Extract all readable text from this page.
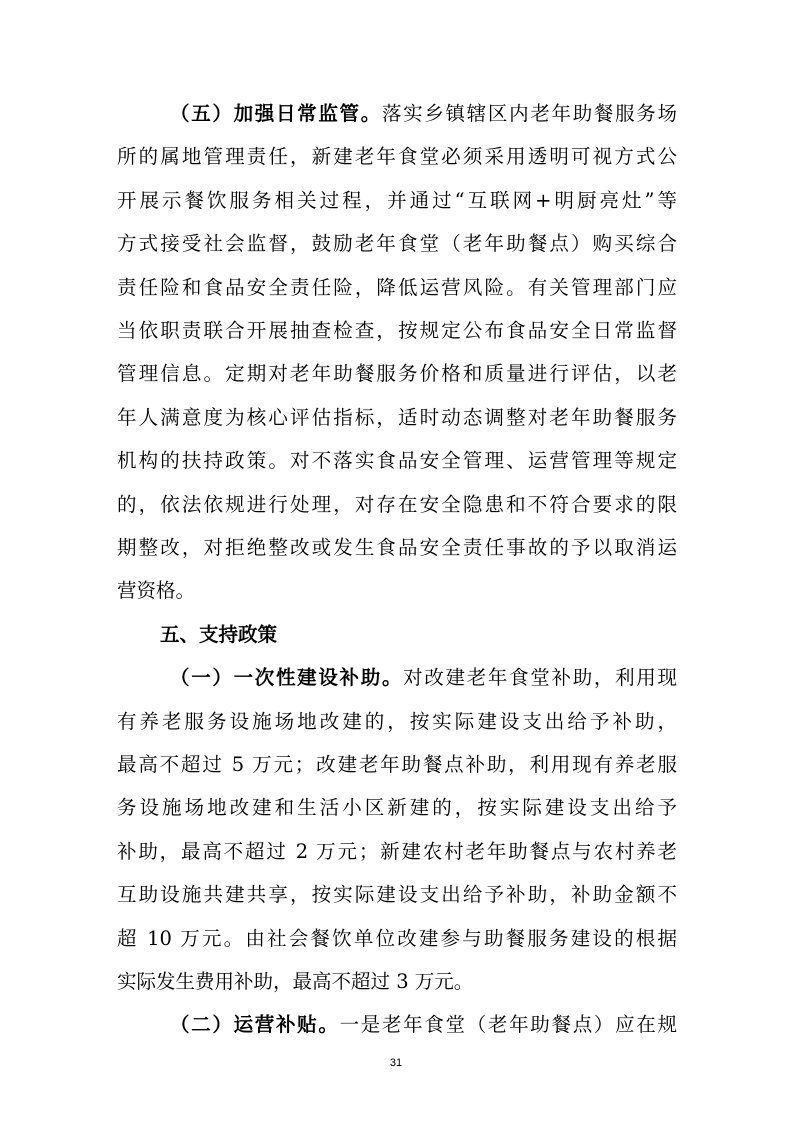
（五）加强日常监管。落实乡镇辖区内老年助餐服务场
所的属地管理责任，新建老年食堂必须采用透明可视方式公
开展示餐饮服务相关过程，并通过“互联网+明厨亮灶”等
方式接受社会监督，鼓励老年食堂（老年助餐点）购买综合
责任险和食品安全责任险，降低运营风险。有关管理部门应
当依职责联合开展抽查检查，按规定公布食品安全日常监督
管理信息。定期对老年助餐服务价格和质量进行评估，以老
年人满意度为核心评估指标，适时动态调整对老年助餐服务
机构的扶持政策。对不落实食品安全管理、运营管理等规定
的，依法依规进行处理，对存在安全隐患和不符合要求的限
期整改，对拒绝整改或发生食品安全责任事故的予以取消运
营资格。
五、支持政策
（一）一次性建设补助。对改建老年食堂补助，利用现
有养老服务设施场地改建的，按实际建设支出给予补助，
最高不超过 5 万元；改建老年助餐点补助，利用现有养老服
务设施场地改建和生活小区新建的，按实际建设支出给予
补助，最高不超过 2 万元；新建农村老年助餐点与农村养老
互助设施共建共享，按实际建设支出给予补助，补助金额不
超 10 万元。由社会餐饮单位改建参与助餐服务建设的根据
实际发生费用补助，最高不超过 3 万元。
（二）运营补贴。一是老年食堂（老年助餐点）应在规
31
